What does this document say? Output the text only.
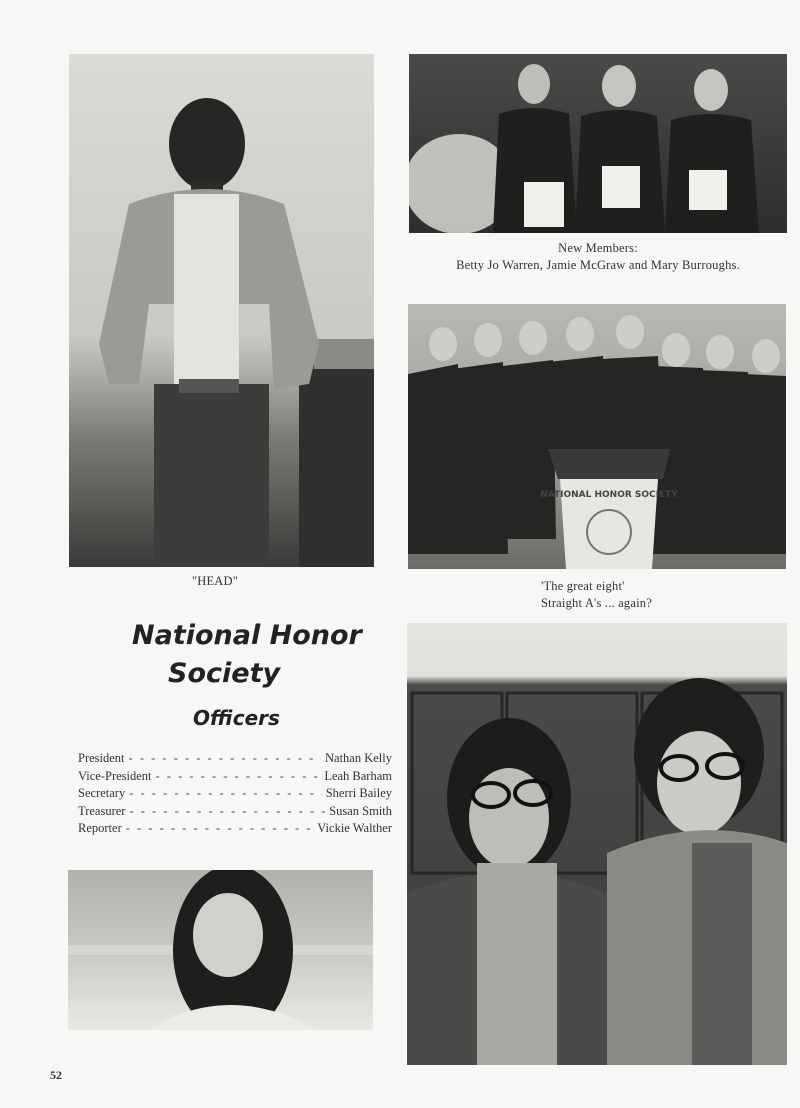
"HEAD"
New Members:
Betty Jo Warren, Jamie McGraw and Mary Burroughs.
NATIONAL HONOR SOCIETY
'The great eight'
Straight A's ... again?
National Honor
Society
Officers
President - - -	Nathan Kelly
Vice-President - - -	Leah Barham
Secretary - - -	Sherri Bailey
Treasurer - - -	Susan Smith
Reporter - - -	Vickie Walther
52
